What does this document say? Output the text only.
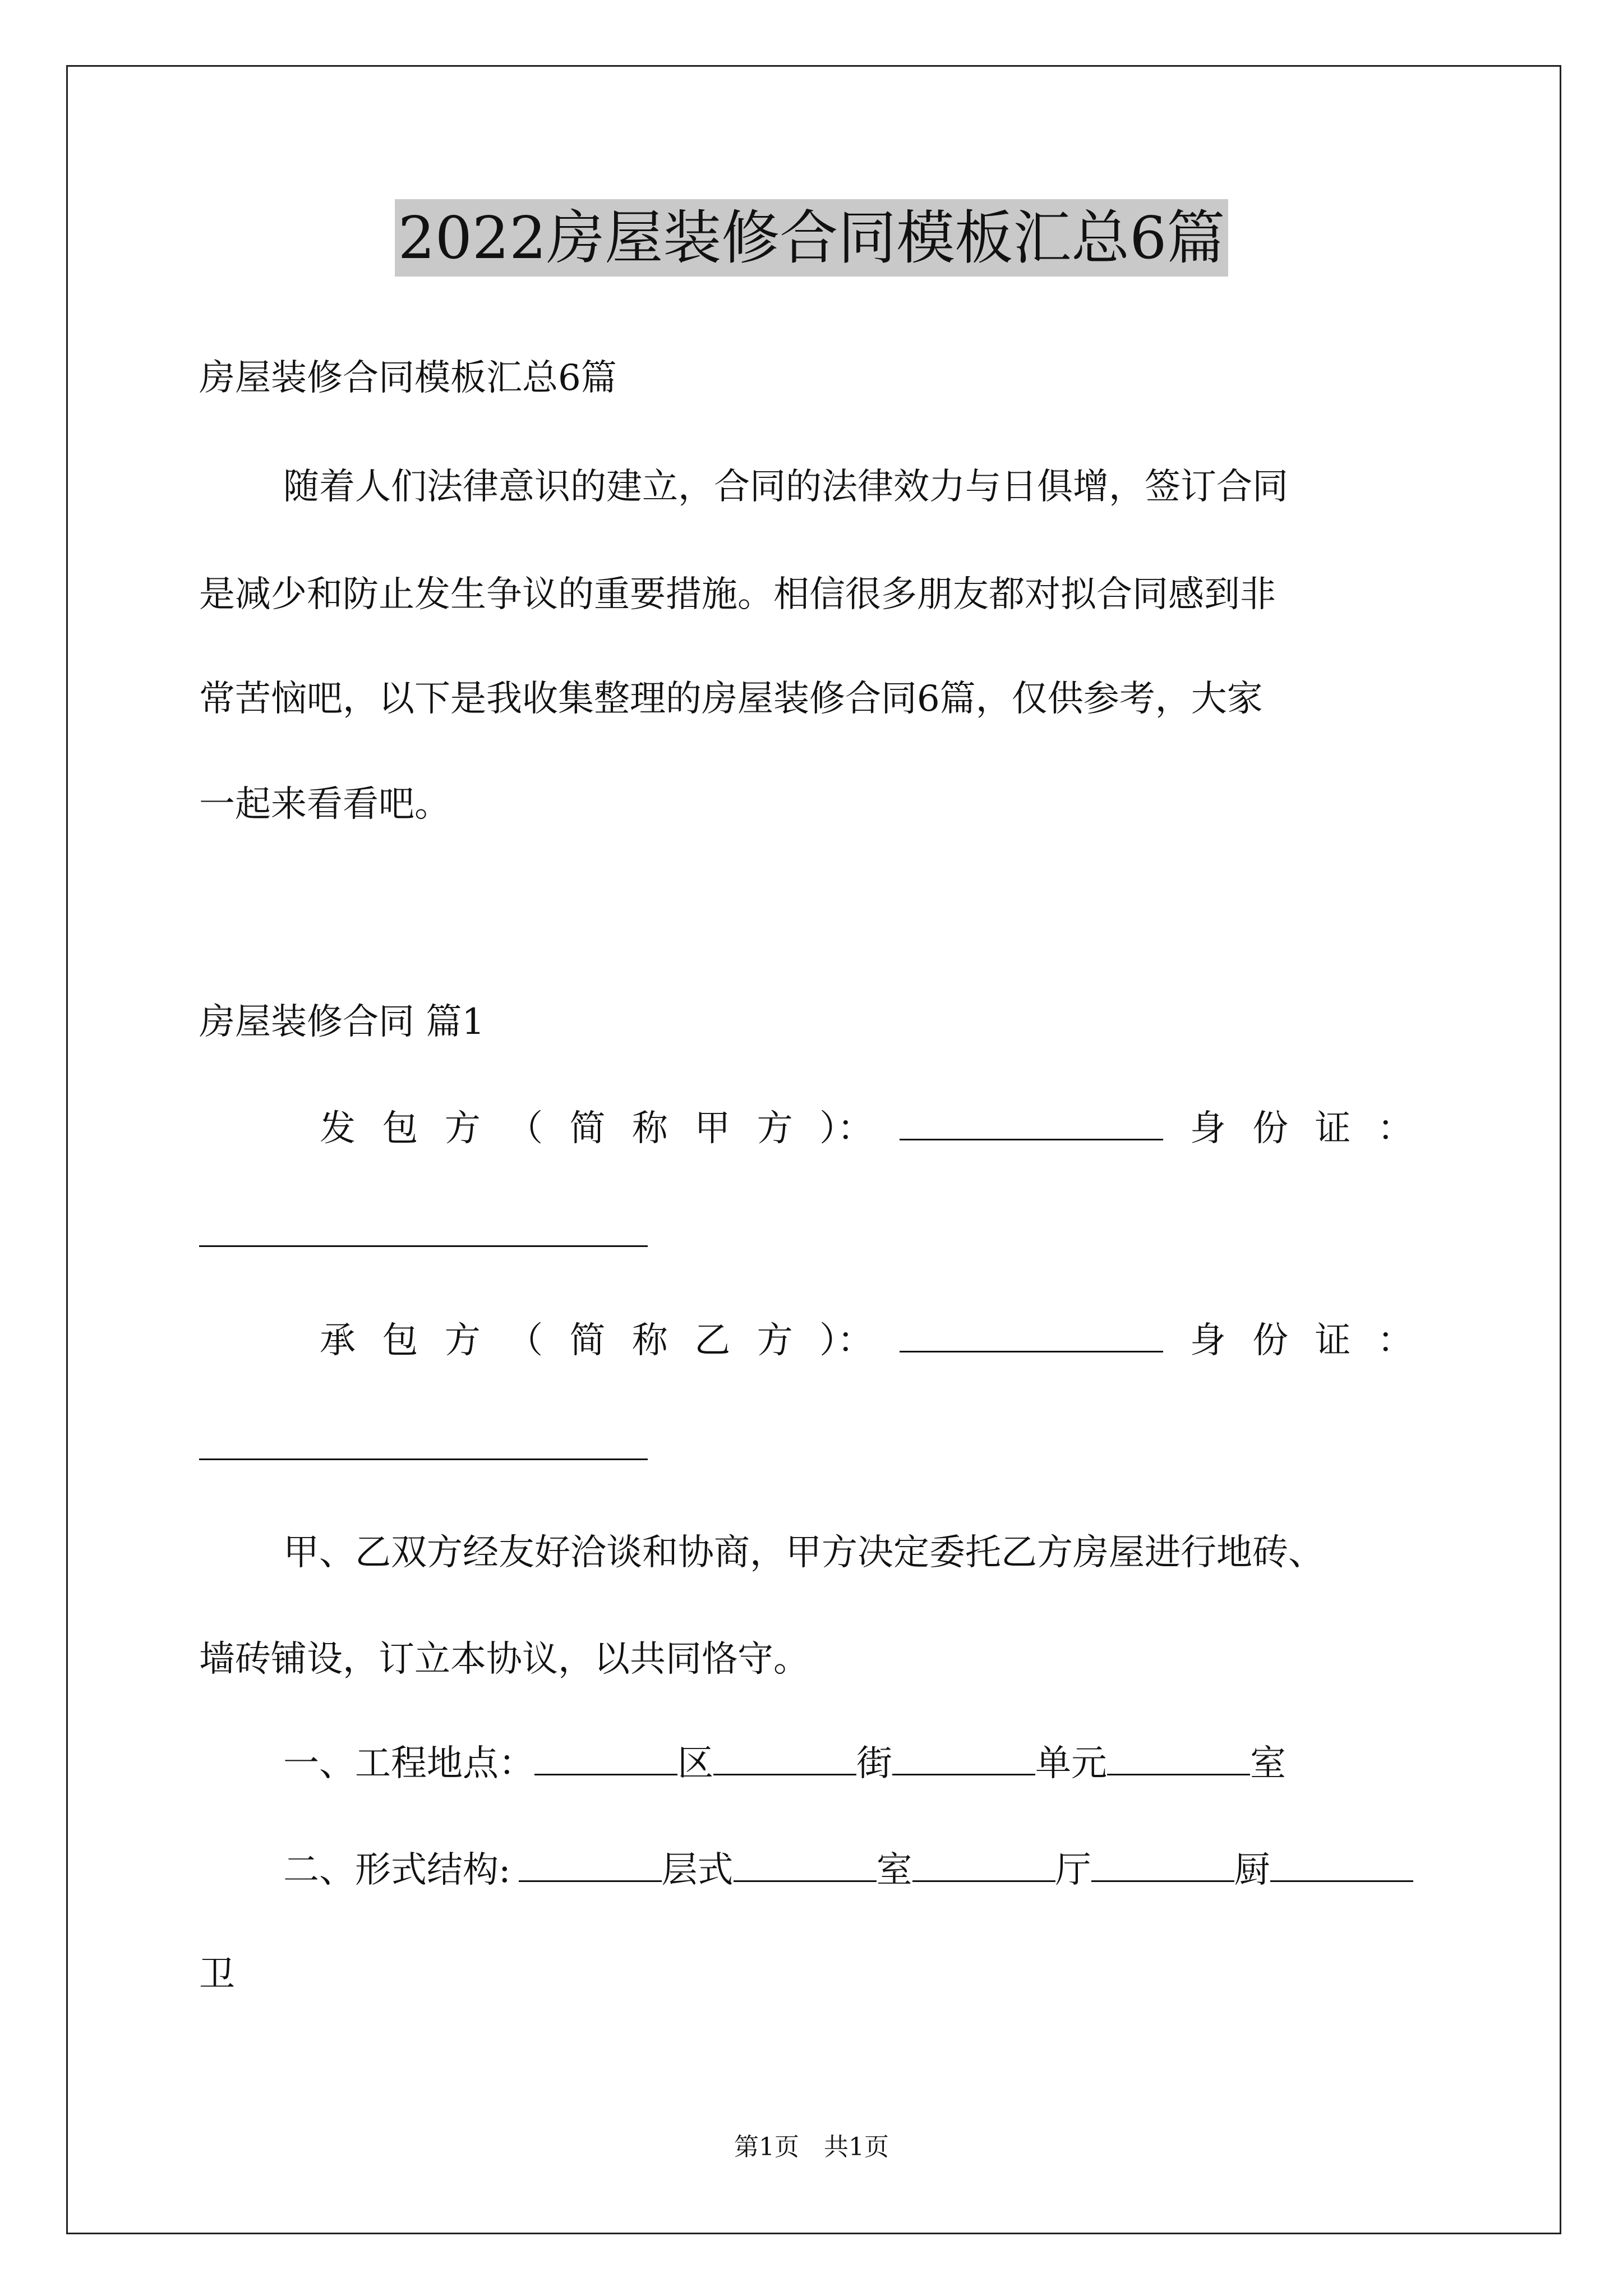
2022房屋装修合同模板汇总6篇
房屋装修合同模板汇总6篇
随着人们法律意识的建立，合同的法律效力与日俱增，签订合同
是减少和防止发生争议的重要措施。相信很多朋友都对拟合同感到非
常苦恼吧，以下是我收集整理的房屋装修合同6篇，仅供参考，大家
一起来看看吧。
房屋装修合同 篇1
发 包 方 （ 简 称 甲 方 ）：	身 份 证 ：
承 包 方 （ 简 称 乙 方 ）：	身 份 证 ：
甲、乙双方经友好洽谈和协商，甲方决定委托乙方房屋进行地砖、
墙砖铺设，订立本协议，以共同恪守。
一、工程地点：	区	街	单元	室
二、形式结构:	层式	室	厅	厨
卫
第1页　共1页
